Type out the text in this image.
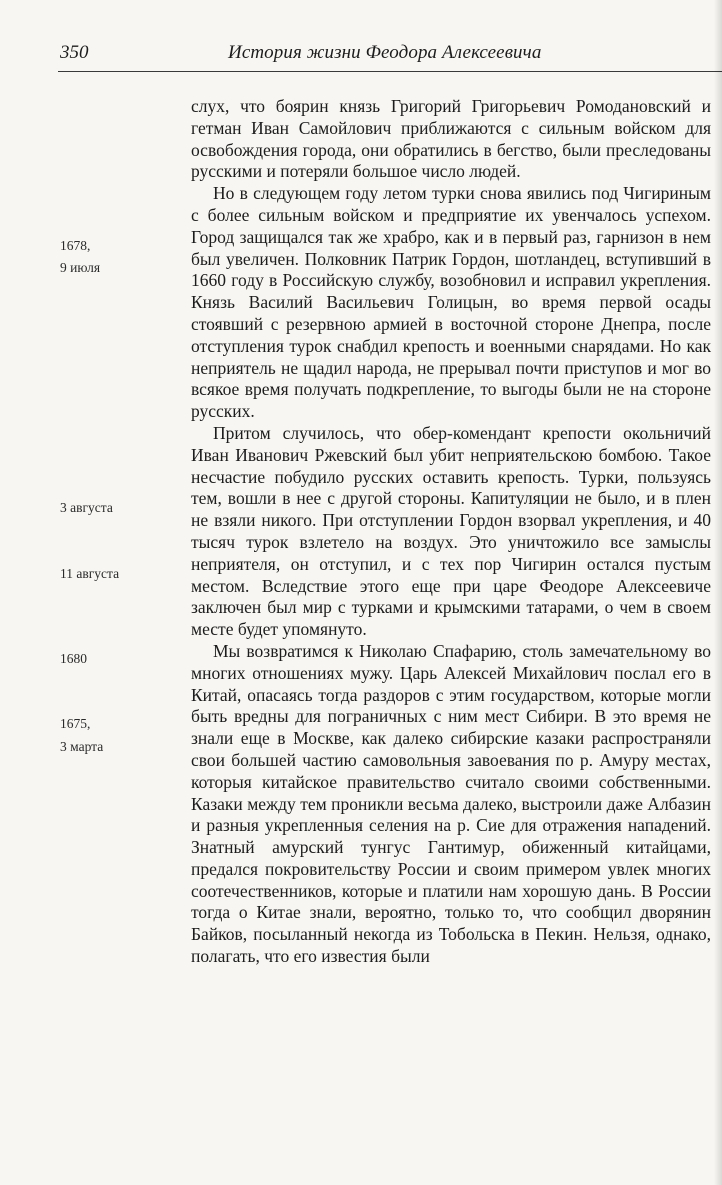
350	История жизни Феодора Алексеевича
1678,
9 июля
3 августа
11 августа
1680
1675,
3 марта

слух, что боярин князь Григорий Григорьевич Ромодановский и гетман Иван Самойлович приближаются с сильным войском для освобождения города, они обратились в бегство, были преследованы русскими и потеряли большое число людей.

Но в следующем году летом турки снова явились под Чигириным с более сильным войском и предприятие их увенчалось успехом. Город защищался так же храбро, как и в первый раз, гарнизон в нем был увеличен. Полковник Патрик Гордон, шотландец, вступивший в 1660 году в Российскую службу, возобновил и исправил укрепления. Князь Василий Васильевич Голицын, во время первой осады стоявший с резервною армией в восточной стороне Днепра, после отступления турок снабдил крепость и военными снарядами. Но как неприятель не щадил народа, не прерывал почти приступов и мог во всякое время получать подкрепление, то выгоды были не на стороне русских.

Притом случилось, что обер-комендант крепости окольничий Иван Иванович Ржевский был убит неприятельскою бомбою. Такое несчастие побудило русских оставить крепость. Турки, пользуясь тем, вошли в нее с другой стороны. Капитуляции не было, и в плен не взяли никого. При отступлении Гордон взорвал укрепления, и 40 тысяч турок взлетело на воздух. Это уничтожило все замыслы неприятеля, он отступил, и с тех пор Чигирин остался пустым местом. Вследствие этого еще при царе Феодоре Алексеевиче заключен был мир с турками и крымскими татарами, о чем в своем месте будет упомянуто.

Мы возвратимся к Николаю Спафарию, столь замечательному во многих отношениях мужу. Царь Алексей Михайлович послал его в Китай, опасаясь тогда раздоров с этим государством, которые могли быть вредны для пограничных с ним мест Сибири. В это время не знали еще в Москве, как далеко сибирские казаки распространяли свои большей частию самовольныя завоевания по р. Амуру местах, которыя китайское правительство считало своими собственными. Казаки между тем проникли весьма далеко, выстроили даже Албазин и разныя укрепленныя селения на р. Сие для отражения нападений. Знатный амурский тунгус Гантимур, обиженный китайцами, предался покровительству России и своим примером увлек многих соотечественников, которые и платили нам хорошую дань. В России тогда о Китае знали, вероятно, только то, что сообщил дворянин Байков, посыланный некогда из Тобольска в Пекин. Нельзя, однако, полагать, что его известия были
